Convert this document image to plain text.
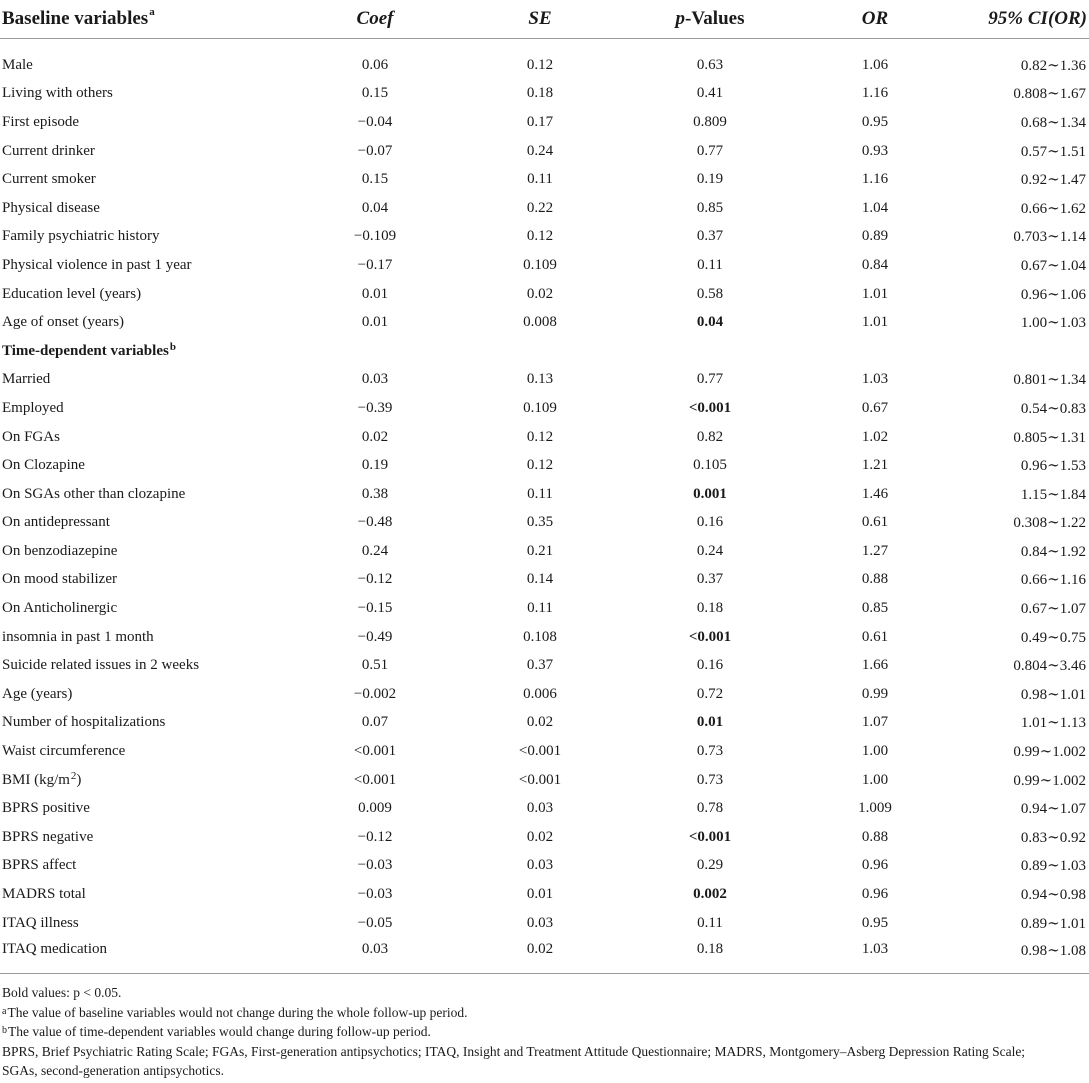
Baseline variables$^a$	Coef	SE	p-Values	OR	95% CI(OR)

Male	0.06	0.12	0.63	1.06	0.82∼1.36
Living with others	0.15	0.18	0.41	1.16	0.808∼1.67
First episode	−0.04	0.17	0.809	0.95	0.68∼1.34
Current drinker	−0.07	0.24	0.77	0.93	0.57∼1.51
Current smoker	0.15	0.11	0.19	1.16	0.92∼1.47
Physical disease	0.04	0.22	0.85	1.04	0.66∼1.62
Family psychiatric history	−0.109	0.12	0.37	0.89	0.703∼1.14
Physical violence in past 1 year	−0.17	0.109	0.11	0.84	0.67∼1.04
Education level (years)	0.01	0.02	0.58	1.01	0.96∼1.06
Age of onset (years)	0.01	0.008	0.04	1.01	1.00∼1.03
Time-dependent variables$^b$
Married	0.03	0.13	0.77	1.03	0.801∼1.34
Employed	−0.39	0.109	<0.001	0.67	0.54∼0.83
On FGAs	0.02	0.12	0.82	1.02	0.805∼1.31
On Clozapine	0.19	0.12	0.105	1.21	0.96∼1.53
On SGAs other than clozapine	0.38	0.11	0.001	1.46	1.15∼1.84
On antidepressant	−0.48	0.35	0.16	0.61	0.308∼1.22
On benzodiazepine	0.24	0.21	0.24	1.27	0.84∼1.92
On mood stabilizer	−0.12	0.14	0.37	0.88	0.66∼1.16
On Anticholinergic	−0.15	0.11	0.18	0.85	0.67∼1.07
insomnia in past 1 month	−0.49	0.108	<0.001	0.61	0.49∼0.75
Suicide related issues in 2 weeks	0.51	0.37	0.16	1.66	0.804∼3.46
Age (years)	−0.002	0.006	0.72	0.99	0.98∼1.01
Number of hospitalizations	0.07	0.02	0.01	1.07	1.01∼1.13
Waist circumference	<0.001	<0.001	0.73	1.00	0.99∼1.002
BMI $(kg/m^2)$	<0.001	<0.001	0.73	1.00	0.99∼1.002
BPRS positive	0.009	0.03	0.78	1.009	0.94∼1.07
BPRS negative	−0.12	0.02	<0.001	0.88	0.83∼0.92
BPRS affect	−0.03	0.03	0.29	0.96	0.89∼1.03
MADRS total	−0.03	0.01	0.002	0.96	0.94∼0.98
ITAQ illness	−0.05	0.03	0.11	0.95	0.89∼1.01
ITAQ medication	0.03	0.02	0.18	1.03	0.98∼1.08
Bold values: p < 0.05.
$^a$The value of baseline variables would not change during the whole follow-up period.
$^b$The value of time-dependent variables would change during follow-up period.
BPRS, Brief Psychiatric Rating Scale; FGAs, First-generation antipsychotics; ITAQ, Insight and Treatment Attitude Questionnaire; MADRS, Montgomery–Asberg Depression Rating Scale;
SGAs, second-generation antipsychotics.
